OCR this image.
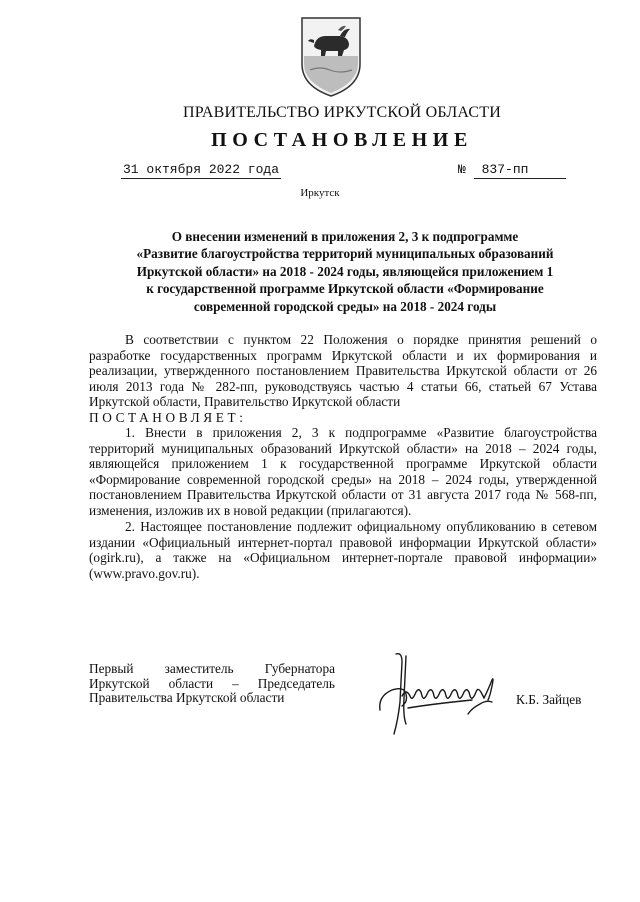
ПРАВИТЕЛЬСТВО ИРКУТСКОЙ ОБЛАСТИ
ПОСТАНОВЛЕНИЕ
31 октября 2022 года	№ 837-пп
Иркутск
О внесении изменений в приложения 2, 3 к подпрограмме
«Развитие благоустройства территорий муниципальных образований
Иркутской области» на 2018 - 2024 годы, являющейся приложением 1
к государственной программе Иркутской области «Формирование
современной городской среды» на 2018 - 2024 годы

В соответствии с пунктом 22 Положения о порядке принятия решений о разработке государственных программ Иркутской области и их формирования и реализации, утвержденного постановлением Правительства Иркутской области от 26 июля 2013 года № 282-пп, руководствуясь частью 4 статьи 66, статьей 67 Устава Иркутской области, Правительство Иркутской области

ПОСТАНОВЛЯЕТ:

1. Внести в приложения 2, 3 к подпрограмме «Развитие благоустройства территорий муниципальных образований Иркутской области» на 2018 – 2024 годы, являющейся приложением 1 к государственной программе Иркутской области «Формирование современной городской среды» на 2018 – 2024 годы, утвержденной постановлением Правительства Иркутской области от 31 августа 2017 года № 568-пп, изменения, изложив их в новой редакции (прилагаются).

2. Настоящее постановление подлежит официальному опубликованию в сетевом издании «Официальный интернет-портал правовой информации Иркутской области» (ogirk.ru), а также на «Официальном интернет-портале правовой информации» (www.pravo.gov.ru).

Первый заместитель Губернатора
Иркутской области – Председатель
Правительства Иркутской области	К.Б. Зайцев
